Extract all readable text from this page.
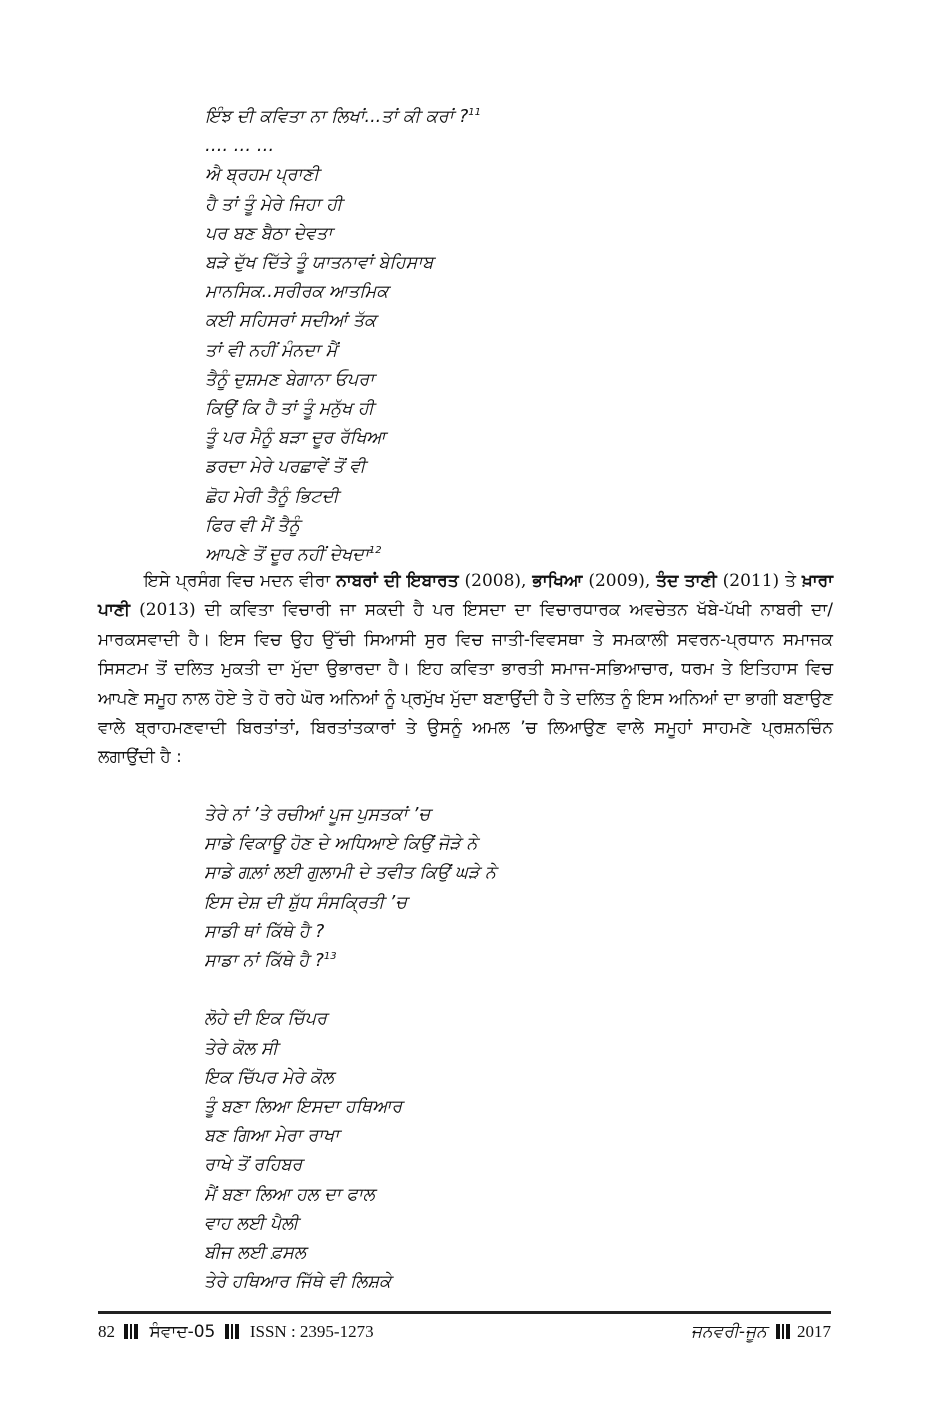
ਇੰਝ ਦੀ ਕਵਿਤਾ ਨਾ ਲਿਖਾਂ...ਤਾਂ ਕੀ ਕਰਾਂ ?$^{11}$
…. … …
ਐ ਬ੍ਰਹਮ ਪ੍ਰਾਣੀ
ਹੈ ਤਾਂ ਤੂੰ ਮੇਰੇ ਜਿਹਾ ਹੀ
ਪਰ ਬਣ ਬੈਠਾ ਦੇਵਤਾ
ਬੜੇ ਦੁੱਖ ਦਿੱਤੇ ਤੂੰ ਯਾਤਨਾਵਾਂ ਬੇਹਿਸਾਬ
ਮਾਨਸਿਕ..ਸਰੀਰਕ ਆਤਮਿਕ
ਕਈ ਸਹਿਸਰਾਂ ਸਦੀਆਂ ਤੱਕ
ਤਾਂ ਵੀ ਨਹੀਂ ਮੰਨਦਾ ਮੈਂ
ਤੈਨੂੰ ਦੁਸ਼ਮਣ ਬੇਗਾਨਾ ਓਪਰਾ
ਕਿਉਂ ਕਿ ਹੈ ਤਾਂ ਤੂੰ ਮਨੁੱਖ ਹੀ
ਤੂੰ ਪਰ ਮੈਨੂੰ ਬੜਾ ਦੂਰ ਰੱਖਿਆ
ਡਰਦਾ ਮੇਰੇ ਪਰਛਾਵੇਂ ਤੋਂ ਵੀ
ਛੋਹ ਮੇਰੀ ਤੈਨੂੰ ਭਿਟਦੀ
ਫਿਰ ਵੀ ਮੈਂ ਤੈਨੂੰ
ਆਪਣੇ ਤੋਂ ਦੂਰ ਨਹੀਂ ਦੇਖਦਾ$^{12}$

ਇਸੇ ਪ੍ਰਸੰਗ ਵਿਚ ਮਦਨ ਵੀਰਾ ਨਾਬਰਾਂ ਦੀ ਇਬਾਰਤ (2008), ਭਾਖਿਆ (2009), ਤੰਦ ਤਾਣੀ (2011) ਤੇ ਖ਼ਾਰਾ ਪਾਣੀ (2013) ਦੀ ਕਵਿਤਾ ਵਿਚਾਰੀ ਜਾ ਸਕਦੀ ਹੈ ਪਰ ਇਸਦਾ ਦਾ ਵਿਚਾਰਧਾਰਕ ਅਵਚੇਤਨ ਖੱਬੇ-ਪੱਖੀ ਨਾਬਰੀ ਦਾ/ਮਾਰਕਸਵਾਦੀ ਹੈ। ਇਸ ਵਿਚ ਉਹ ਉੱਚੀ ਸਿਆਸੀ ਸੁਰ ਵਿਚ ਜਾਤੀ-ਵਿਵਸਥਾ ਤੇ ਸਮਕਾਲੀ ਸਵਰਨ-ਪ੍ਰਧਾਨ ਸਮਾਜਕ ਸਿਸਟਮ ਤੋਂ ਦਲਿਤ ਮੁਕਤੀ ਦਾ ਮੁੱਦਾ ਉਭਾਰਦਾ ਹੈ। ਇਹ ਕਵਿਤਾ ਭਾਰਤੀ ਸਮਾਜ-ਸਭਿਆਚਾਰ, ਧਰਮ ਤੇ ਇਤਿਹਾਸ ਵਿਚ ਆਪਣੇ ਸਮੂਹ ਨਾਲ ਹੋਏ ਤੇ ਹੋ ਰਹੇ ਘੋਰ ਅਨਿਆਂ ਨੂੰ ਪ੍ਰਮੁੱਖ ਮੁੱਦਾ ਬਣਾਉਂਦੀ ਹੈ ਤੇ ਦਲਿਤ ਨੂੰ ਇਸ ਅਨਿਆਂ ਦਾ ਭਾਗੀ ਬਣਾਉਣ ਵਾਲੇ ਬ੍ਰਾਹਮਣਵਾਦੀ ਬਿਰਤਾਂਤਾਂ, ਬਿਰਤਾਂਤਕਾਰਾਂ ਤੇ ਉਸਨੂੰ ਅਮਲ ’ਚ ਲਿਆਉਣ ਵਾਲੇ ਸਮੂਹਾਂ ਸਾਹਮਣੇ ਪ੍ਰਸ਼ਨਚਿੰਨ ਲਗਾਉਂਦੀ ਹੈ :

ਤੇਰੇ ਨਾਂ ’ਤੇ ਰਚੀਆਂ ਪੂਜ ਪੁਸਤਕਾਂ ’ਚ
ਸਾਡੇ ਵਿਕਾਊ ਹੋਣ ਦੇ ਅਧਿਆਏ ਕਿਉਂ ਜੋੜੇ ਨੇ
ਸਾਡੇ ਗਲ਼ਾਂ ਲਈ ਗੁਲਾਮੀ ਦੇ ਤਵੀਤ ਕਿਉਂ ਘੜੇ ਨੇ
ਇਸ ਦੇਸ਼ ਦੀ ਸ਼ੁੱਧ ਸੰਸਕ੍ਰਿਤੀ ’ਚ
ਸਾਡੀ ਥਾਂ ਕਿੱਥੇ ਹੈ ?
ਸਾਡਾ ਨਾਂ ਕਿੱਥੇ ਹੈ ?$^{13}$
ਲੋਹੇ ਦੀ ਇਕ ਚਿੱਪਰ
ਤੇਰੇ ਕੋਲ ਸੀ
ਇਕ ਚਿੱਪਰ ਮੇਰੇ ਕੋਲ
ਤੂੰ ਬਣਾ ਲਿਆ ਇਸਦਾ ਹਥਿਆਰ
ਬਣ ਗਿਆ ਮੇਰਾ ਰਾਖਾ
ਰਾਖੇ ਤੋਂ ਰਹਿਬਰ
ਮੈਂ ਬਣਾ ਲਿਆ ਹਲ ਦਾ ਫਾਲ
ਵਾਹ ਲਈ ਪੈਲੀ
ਬੀਜ ਲਈ ਫ਼ਸਲ
ਤੇਰੇ ਹਥਿਆਰ ਜਿੱਥੇ ਵੀ ਲਿਸ਼ਕੇ
82 ਸੰਵਾਦ-05 ISSN : 2395-1273	ਜਨਵਰੀ-ਜੂਨ 2017
